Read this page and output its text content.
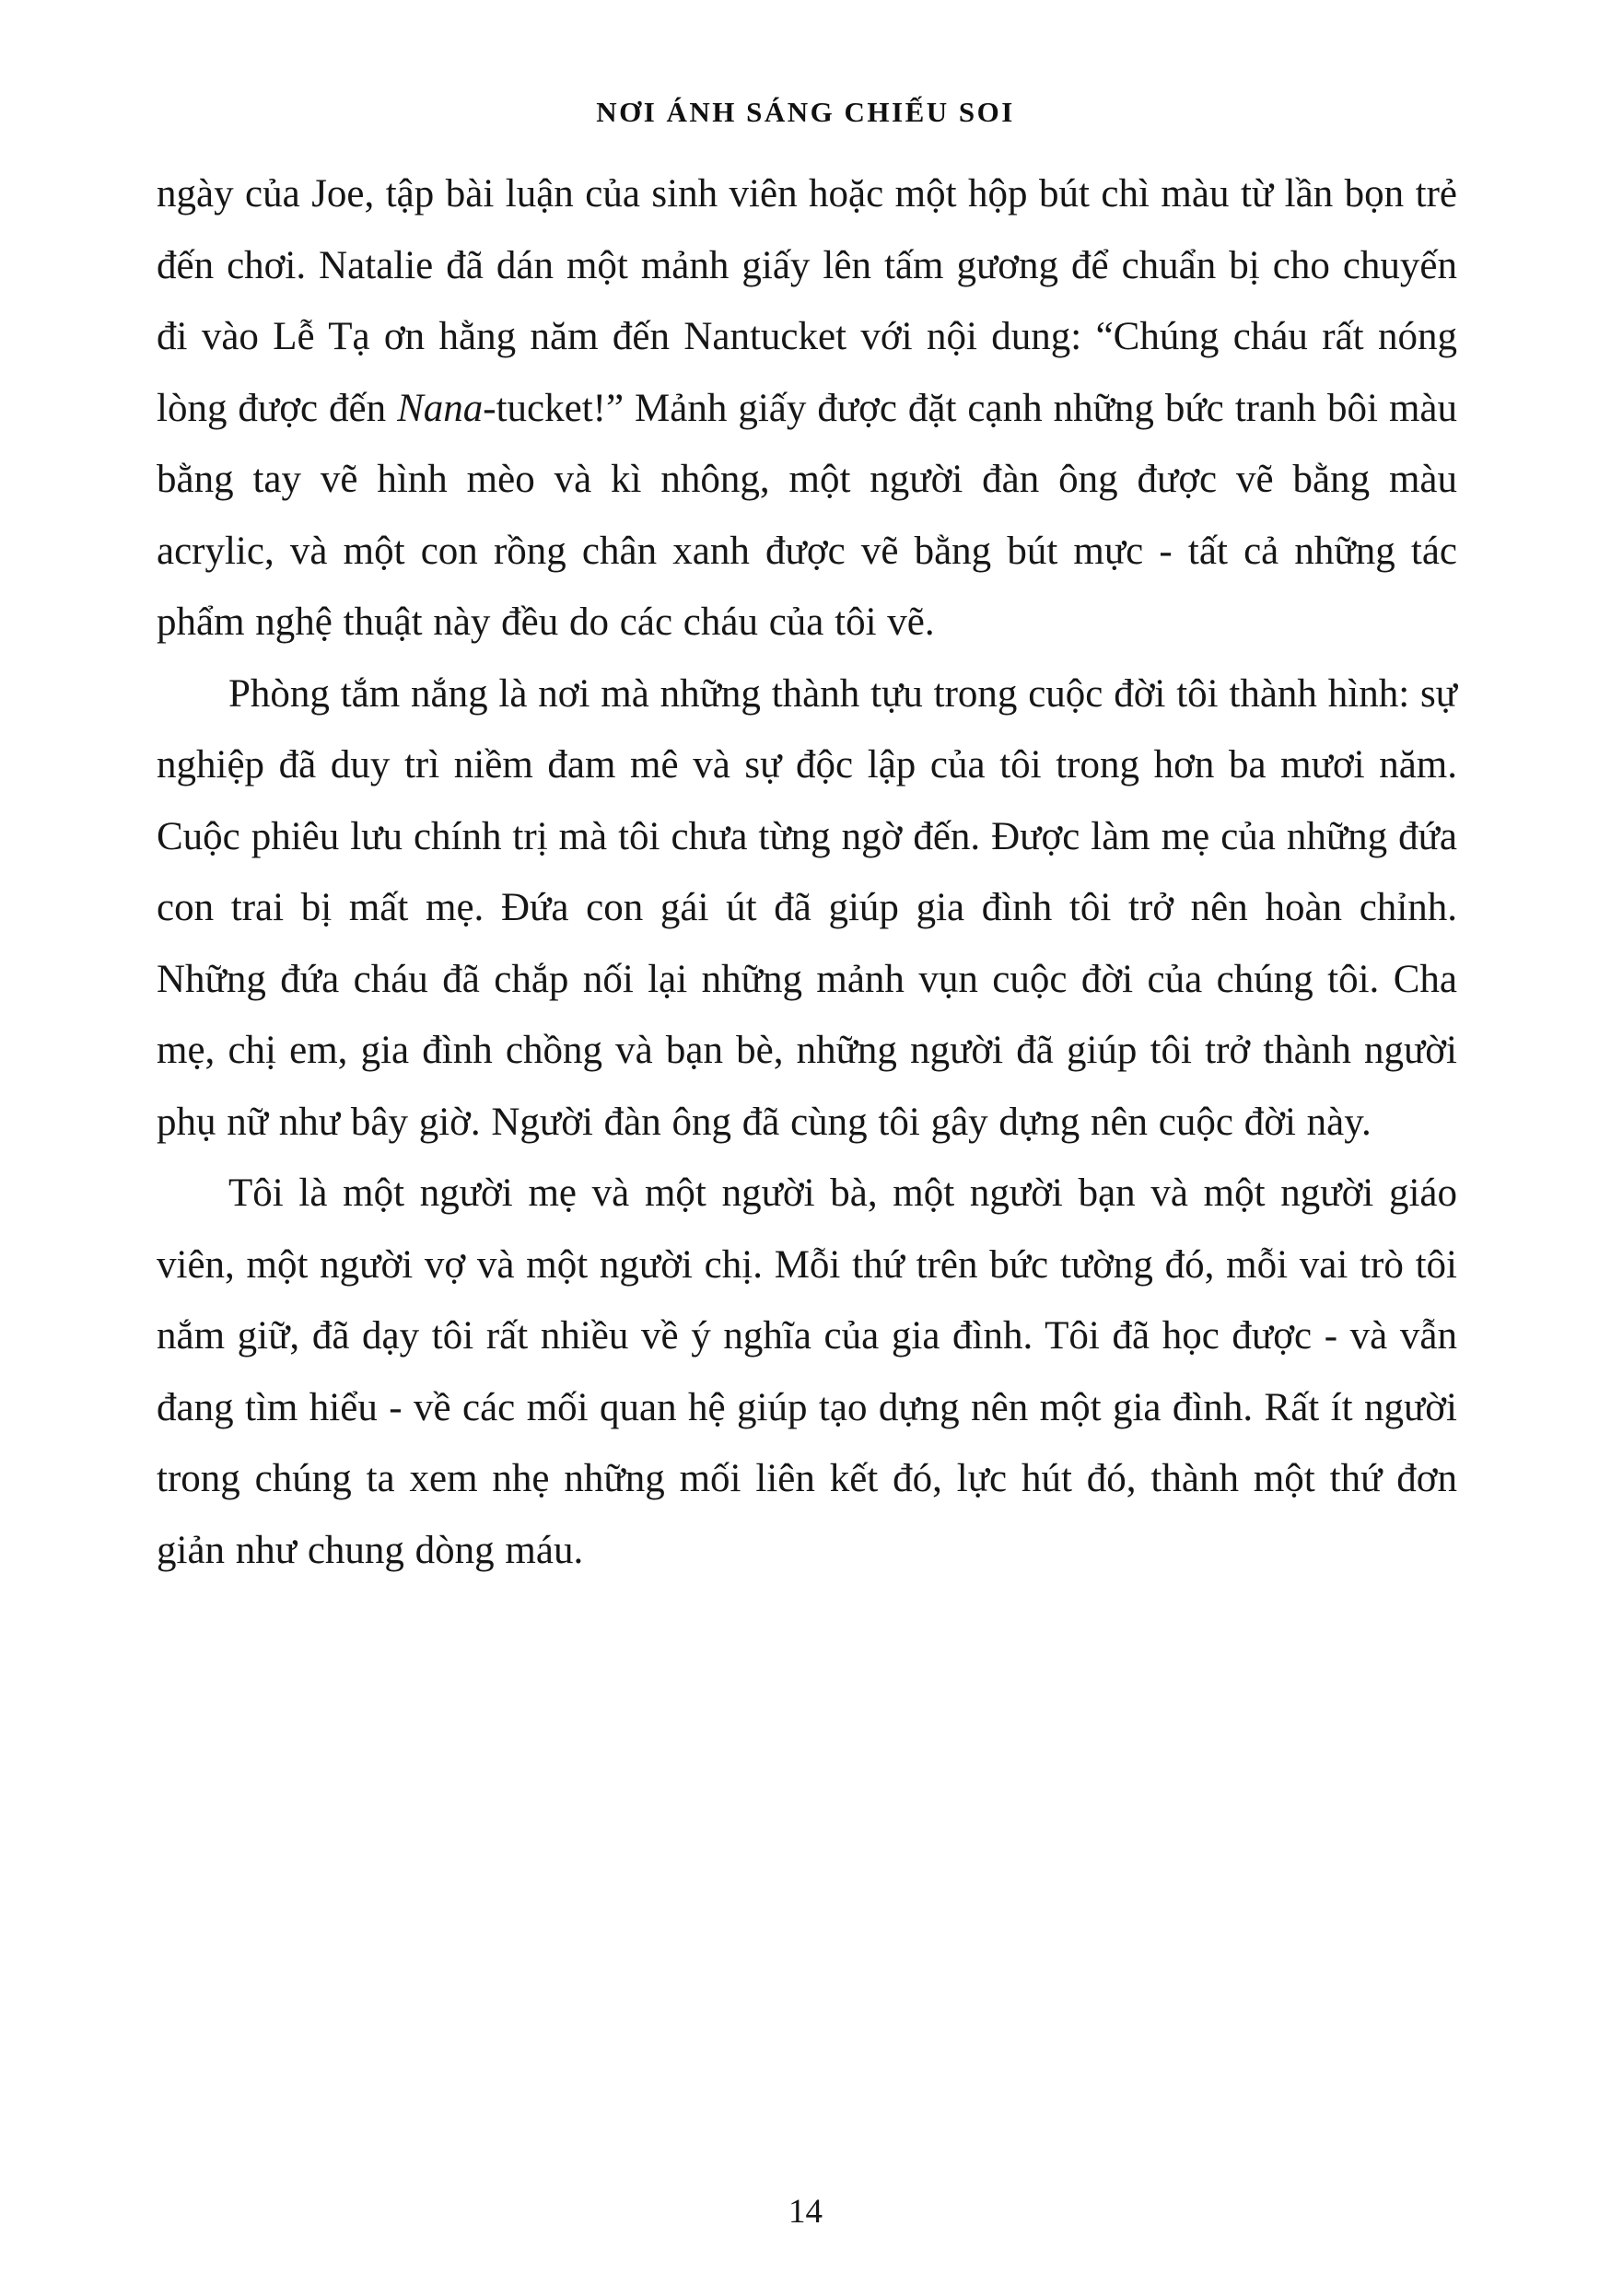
NƠI ÁNH SÁNG CHIẾU SOI

ngày của Joe, tập bài luận của sinh viên hoặc một hộp bút chì màu từ lần bọn trẻ đến chơi. Natalie đã dán một mảnh giấy lên tấm gương để chuẩn bị cho chuyến đi vào Lễ Tạ ơn hằng năm đến Nantucket với nội dung: “Chúng cháu rất nóng lòng được đến Nana-tucket!” Mảnh giấy được đặt cạnh những bức tranh bôi màu bằng tay vẽ hình mèo và kì nhông, một người đàn ông được vẽ bằng màu acrylic, và một con rồng chân xanh được vẽ bằng bút mực - tất cả những tác phẩm nghệ thuật này đều do các cháu của tôi vẽ.

Phòng tắm nắng là nơi mà những thành tựu trong cuộc đời tôi thành hình: sự nghiệp đã duy trì niềm đam mê và sự độc lập của tôi trong hơn ba mươi năm. Cuộc phiêu lưu chính trị mà tôi chưa từng ngờ đến. Được làm mẹ của những đứa con trai bị mất mẹ. Đứa con gái út đã giúp gia đình tôi trở nên hoàn chỉnh. Những đứa cháu đã chắp nối lại những mảnh vụn cuộc đời của chúng tôi. Cha mẹ, chị em, gia đình chồng và bạn bè, những người đã giúp tôi trở thành người phụ nữ như bây giờ. Người đàn ông đã cùng tôi gây dựng nên cuộc đời này.

Tôi là một người mẹ và một người bà, một người bạn và một người giáo viên, một người vợ và một người chị. Mỗi thứ trên bức tường đó, mỗi vai trò tôi nắm giữ, đã dạy tôi rất nhiều về ý nghĩa của gia đình. Tôi đã học được - và vẫn đang tìm hiểu - về các mối quan hệ giúp tạo dựng nên một gia đình. Rất ít người trong chúng ta xem nhẹ những mối liên kết đó, lực hút đó, thành một thứ đơn giản như chung dòng máu.

14
